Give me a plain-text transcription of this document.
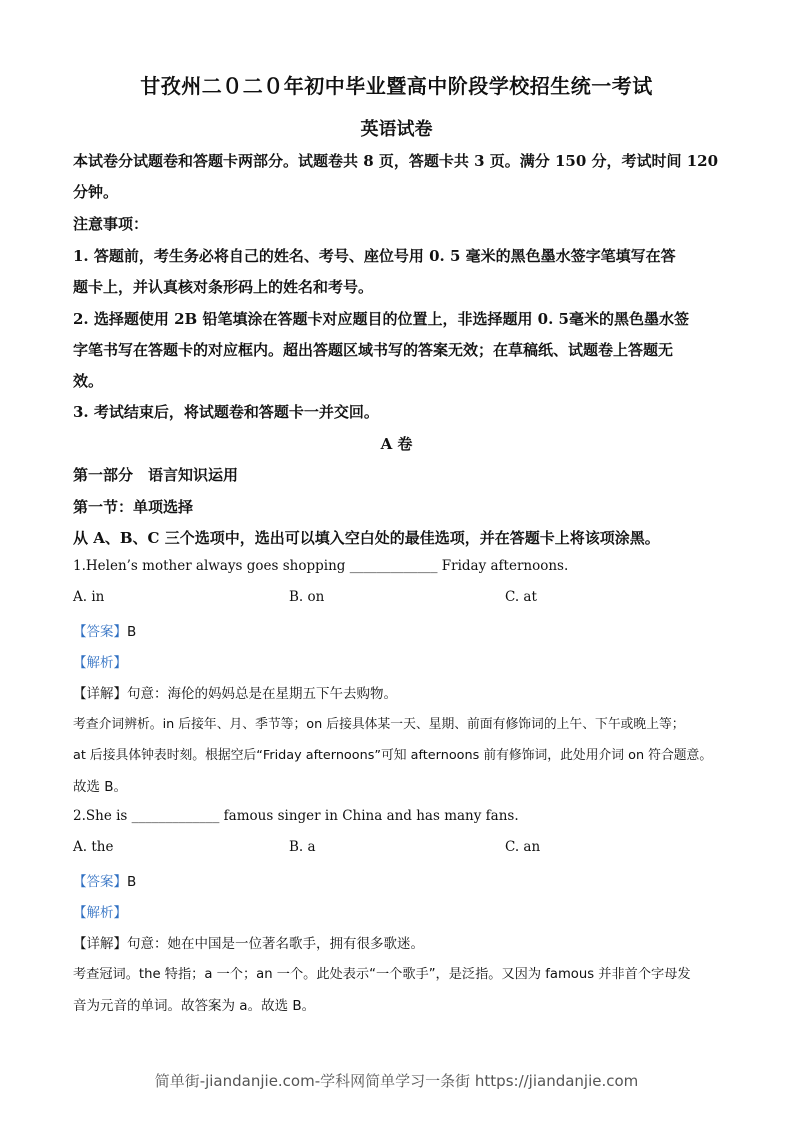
甘孜州二０二０年初中毕业暨高中阶段学校招生统一考试
英语试卷
本试卷分试题卷和答题卡两部分。试题卷共 8 页，答题卡共 3 页。满分 150 分，考试时间 120
分钟。
注意事项：
1. 答题前，考生务必将自己的姓名、考号、座位号用 0. 5 毫米的黑色墨水签字笔填写在答
题卡上，并认真核对条形码上的姓名和考号。
2. 选择题使用 2B 铅笔填涂在答题卡对应题目的位置上，非选择题用 0. 5毫米的黑色墨水签
字笔书写在答题卡的对应框内。超出答题区域书写的答案无效；在草稿纸、试题卷上答题无
效。
3. 考试结束后，将试题卷和答题卡一并交回。
A 卷
第一部分　语言知识运用
第一节：单项选择
从 A、B、C 三个选项中，选出可以填入空白处的最佳选项，并在答题卡上将该项涂黑。
1.Helen’s mother always goes shopping _____________ Friday afternoons.
A. in	B. on	C. at
【答案】B
【解析】
【详解】句意：海伦的妈妈总是在星期五下午去购物。
考查介词辨析。in 后接年、月、季节等；on 后接具体某一天、星期、前面有修饰词的上午、下午或晚上等；
at 后接具体钟表时刻。根据空后“Friday afternoons”可知 afternoons 前有修饰词，此处用介词 on 符合题意。
故选 B。
2.She is _____________ famous singer in China and has many fans.
A. the	B. a	C. an
【答案】B
【解析】
【详解】句意：她在中国是一位著名歌手，拥有很多歌迷。
考查冠词。the 特指；a 一个；an 一个。此处表示“一个歌手”，是泛指。又因为 famous 并非首个字母发
音为元音的单词。故答案为 a。故选 B。
简单街-jiandanjie.com-学科网简单学习一条街 https://jiandanjie.com
